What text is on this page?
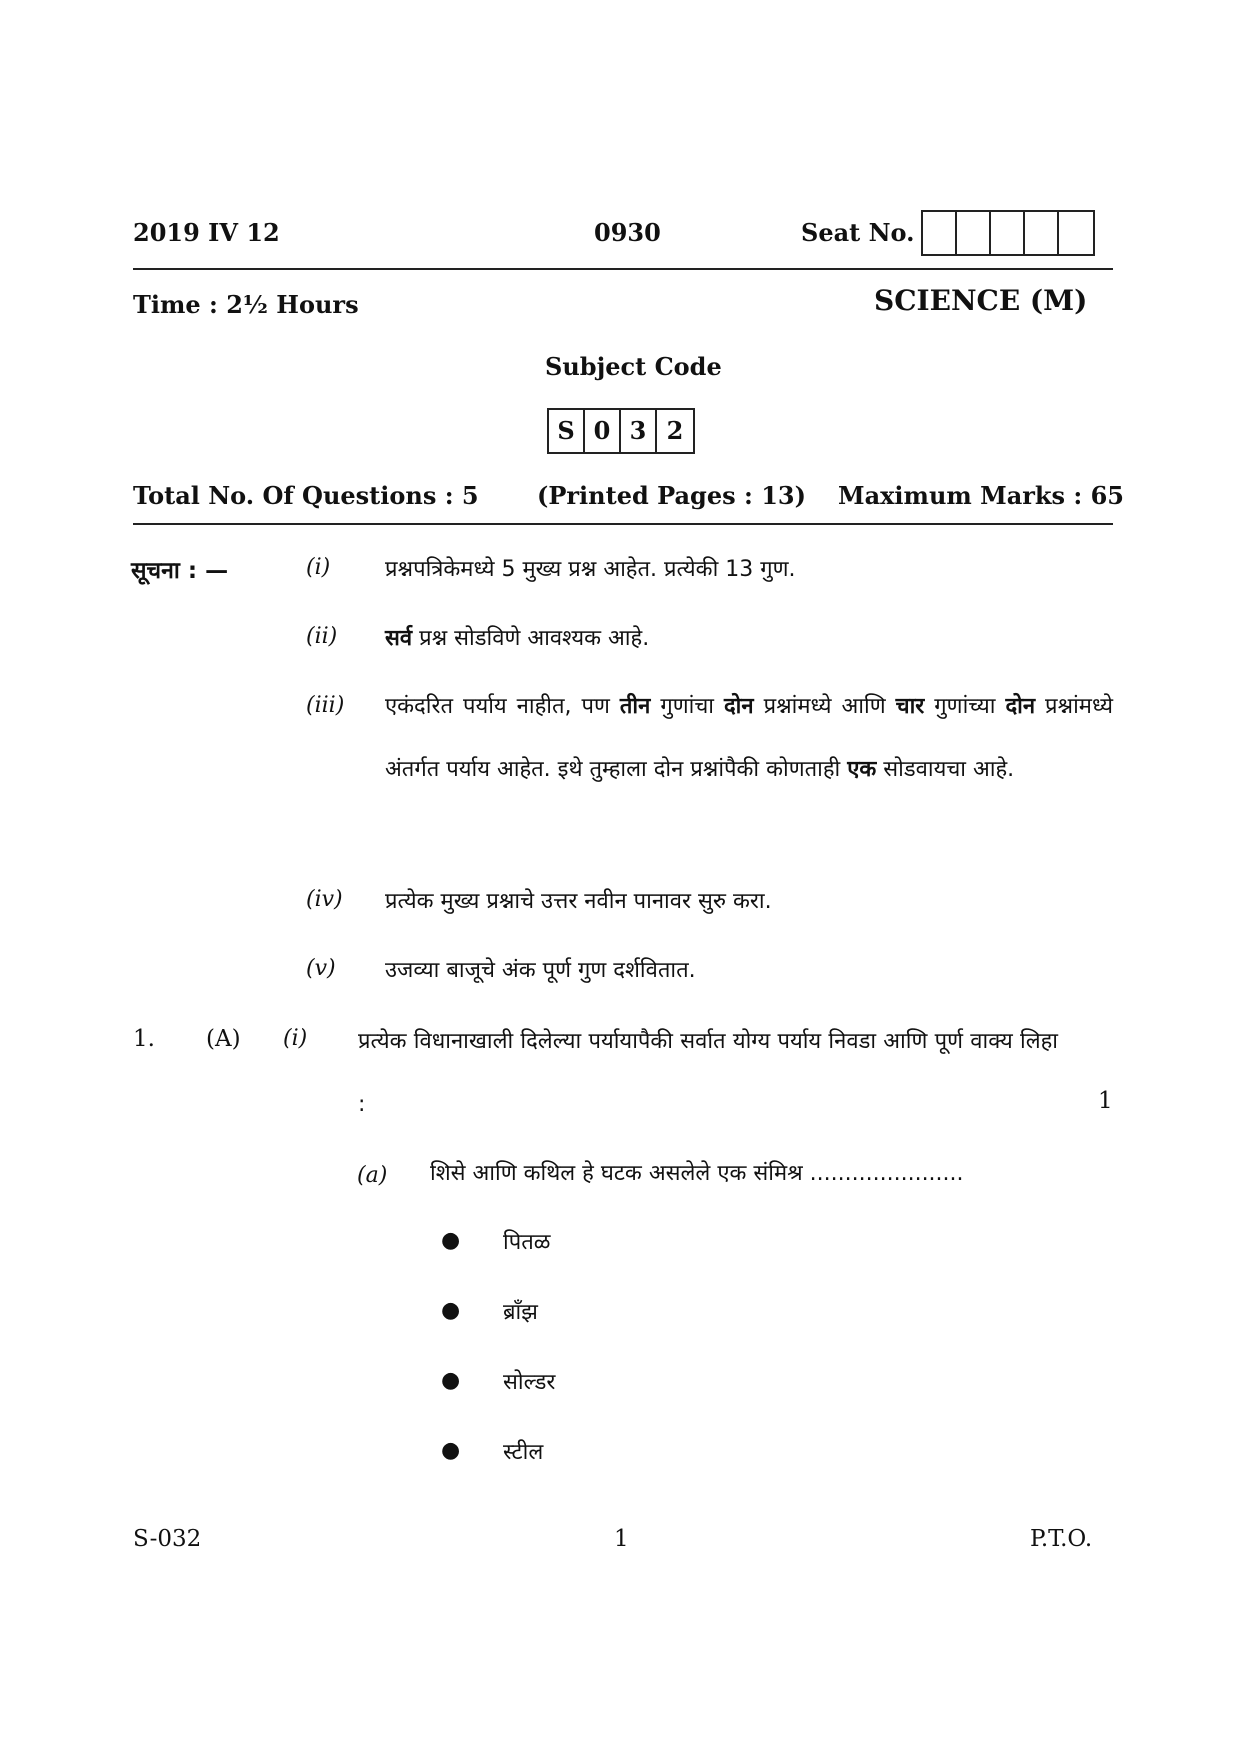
2019 IV 12	0930	Seat No.
Time : 2½ Hours	SCIENCE (M)
Subject Code
S 0 3 2
Total No. Of Questions : 5 (Printed Pages : 13) Maximum Marks : 65
सूचना : —	(i) प्रश्नपत्रिकेमध्ये 5 मुख्य प्रश्न आहेत. प्रत्येकी 13 गुण.
(ii) सर्व प्रश्न सोडविणे आवश्यक आहे.
(iii) एकंदरित पर्याय नाहीत, पण तीन गुणांचा दोन प्रश्नांमध्ये आणि चार गुणांच्या दोन प्रश्नांमध्ये अंतर्गत पर्याय आहेत. इथे तुम्हाला दोन प्रश्नांपैकी कोणताही एक सोडवायचा आहे.
(iv) प्रत्येक मुख्य प्रश्नाचे उत्तर नवीन पानावर सुरु करा.
(v) उजव्या बाजूचे अंक पूर्ण गुण दर्शवितात.
1. (A) (i) प्रत्येक विधानाखाली दिलेल्या पर्यायापैकी सर्वात योग्य पर्याय निवडा आणि पूर्ण वाक्य लिहा :	1
(a) शिसे आणि कथिल हे घटक असलेले एक संमिश्र ......................
● पितळ
● ब्राँझ
● सोल्डर
● स्टील
S-032	1	P.T.O.
